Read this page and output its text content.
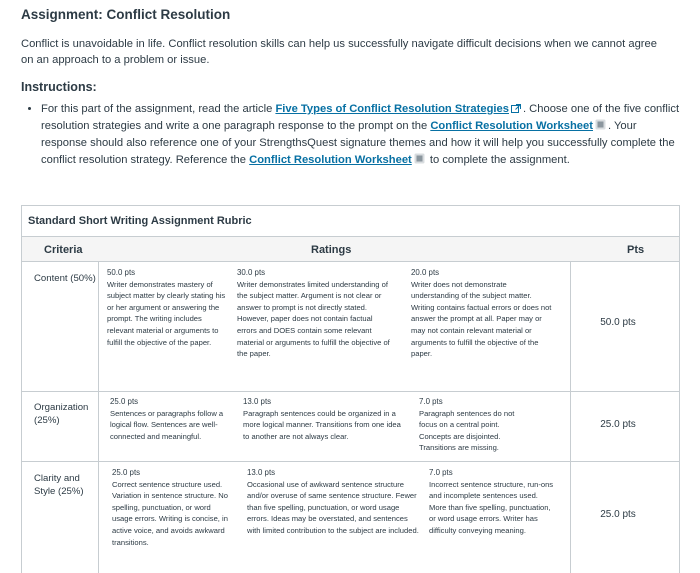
Assignment: Conflict Resolution

Conflict is unavoidable in life. Conflict resolution skills can help us successfully navigate difficult decisions when we cannot agree on an approach to a problem or issue.

Instructions:
• For this part of the assignment, read the article Five Types of Conflict Resolution Strategies . Choose one of the five conflict resolution strategies and write a one paragraph response to the prompt on the Conflict Resolution Worksheet . Your response should also reference one of your StrengthsQuest signature themes and how it will help you successfully complete the conflict resolution strategy. Reference the Conflict Resolution Worksheet to complete the assignment.
Standard Short Writing Assignment Rubric
Criteria	Ratings	Pts
Content (50%)
50.0 pts
Writer demonstrates mastery of subject matter by clearly stating his or her argument or answering the prompt. The writing includes relevant material or arguments to fulfill the objective of the paper.
30.0 pts
Writer demonstrates limited understanding of the subject matter. Argument is not clear or answer to prompt is not directly stated. However, paper does not contain factual errors and DOES contain some relevant material or arguments to fulfill the objective of the paper.
20.0 pts
Writer does not demonstrate understanding of the subject matter. Writing contains factual errors or does not answer the prompt at all. Paper may or may not contain relevant material or arguments to fulfill the objective of the paper.
50.0 pts
Organization (25%)
25.0 pts
Sentences or paragraphs follow a logical flow. Sentences are well-connected and meaningful.
13.0 pts
Paragraph sentences could be organized in a more logical manner. Transitions from one idea to another are not always clear.
7.0 pts
Paragraph sentences do not focus on a central point. Concepts are disjointed. Transitions are missing.
25.0 pts
Clarity and Style (25%)
25.0 pts
Correct sentence structure used. Variation in sentence structure. No spelling, punctuation, or word usage errors. Writing is concise, in active voice, and avoids awkward transitions.
13.0 pts
Occasional use of awkward sentence structure and/or overuse of same sentence structure. Fewer than five spelling, punctuation, or word usage errors. Ideas may be overstated, and sentences with limited contribution to the subject are included.
7.0 pts
Incorrect sentence structure, run-ons and incomplete sentences used. More than five spelling, punctuation, or word usage errors. Writer has difficulty conveying meaning.
25.0 pts
